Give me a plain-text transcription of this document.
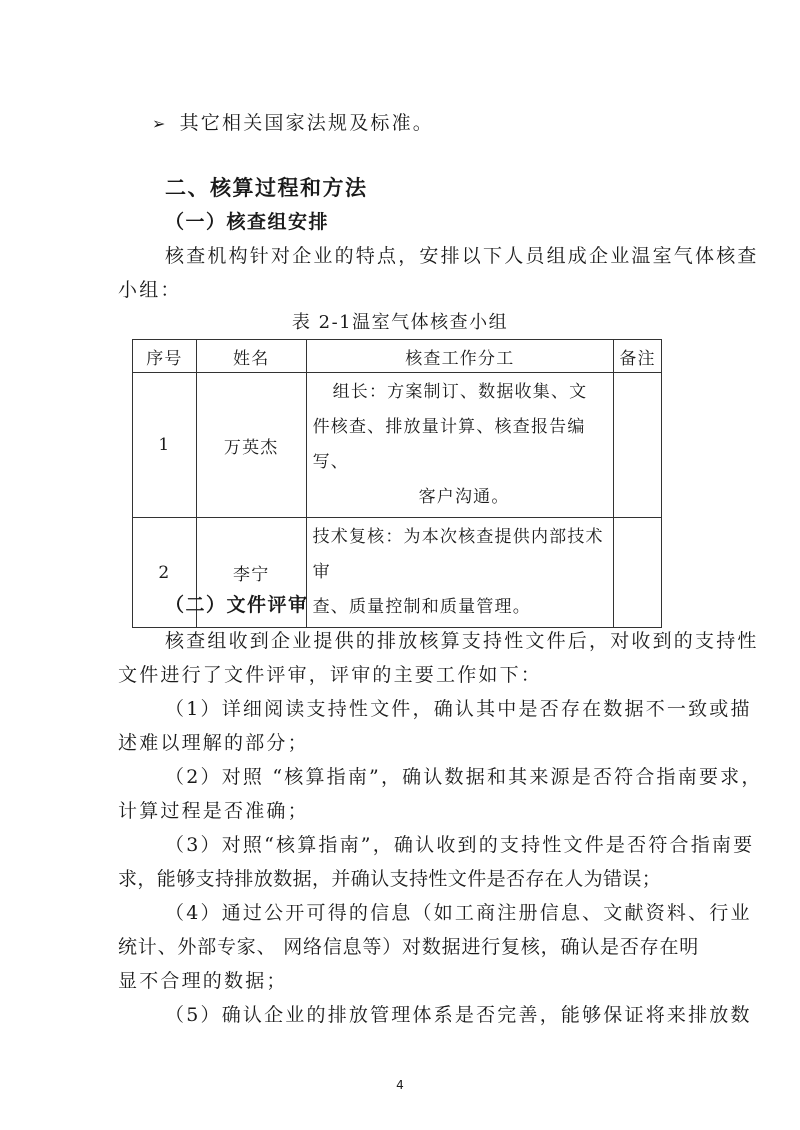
➢ 其它相关国家法规及标准。
二、核算过程和方法
（一）核查组安排
核查机构针对企业的特点，安排以下人员组成企业温室气体核查
小组：
表 2-1温室气体核查小组
序号	姓名	核查工作分工	备注
1	万英杰	组长：方案制订、数据收集、文
件核查、排放量计算、核查报告编写、
客户沟通。	

2	李宁	技术复核：为本次核查提供内部技术审
查、质量控制和质量管理。	

（二）文件评审
核查组收到企业提供的排放核算支持性文件后，对收到的支持性
文件进行了文件评审，评审的主要工作如下：
（1）详细阅读支持性文件，确认其中是否存在数据不一致或描
述难以理解的部分；
（2）对照 “核算指南”，确认数据和其来源是否符合指南要求，
计算过程是否准确；
（3）对照“核算指南”，确认收到的支持性文件是否符合指南要
求，能够支持排放数据，并确认支持性文件是否存在人为错误；
（4）通过公开可得的信息（如工商注册信息、文献资料、行业
统计、外部专家、 网络信息等）对数据进行复核，确认是否存在明
显不合理的数据；
（5）确认企业的排放管理体系是否完善，能够保证将来排放数
4
